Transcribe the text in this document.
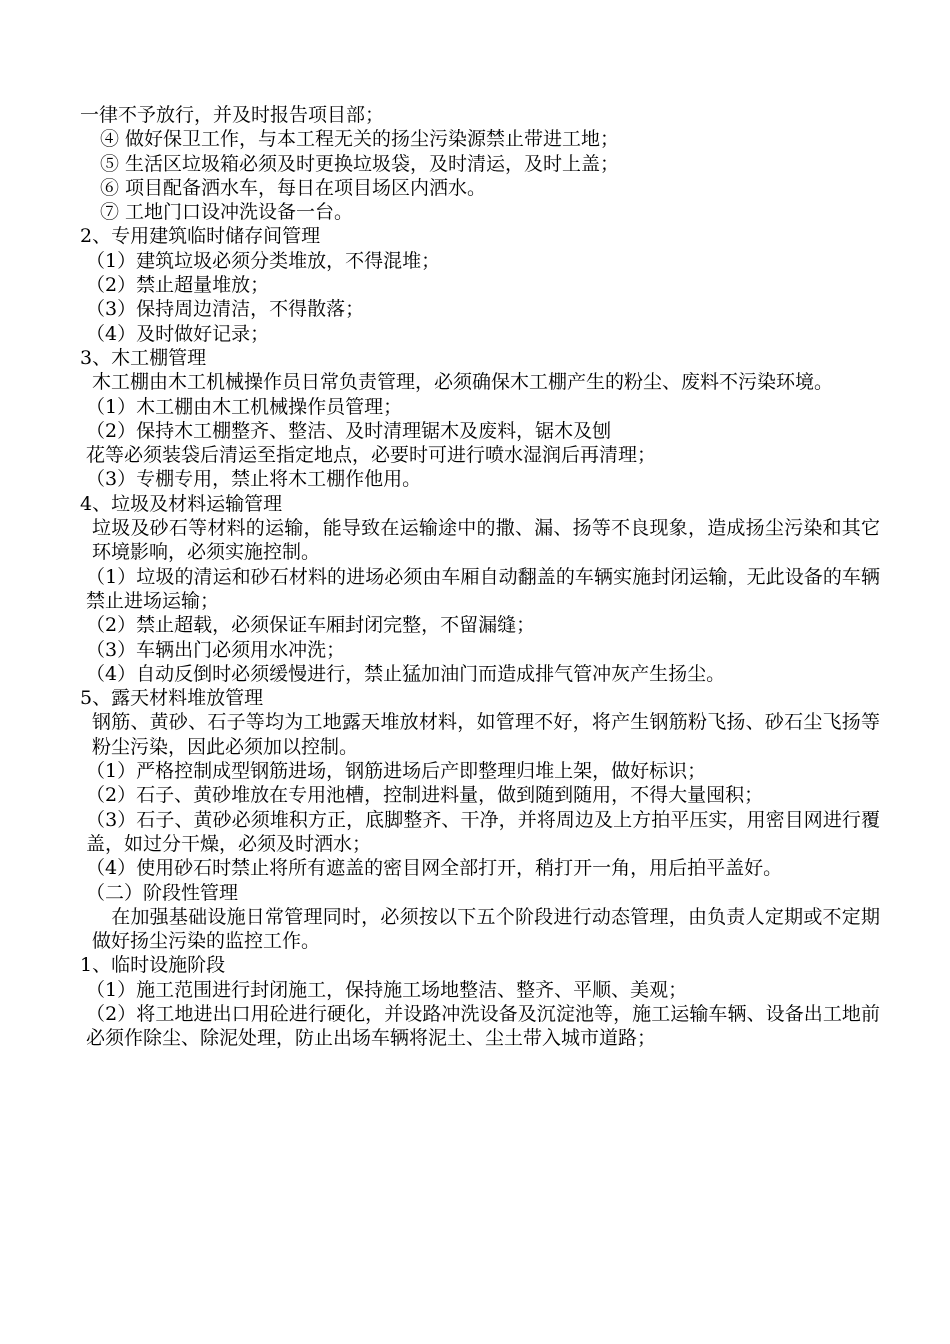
一律不予放行，并及时报告项目部；
④ 做好保卫工作，与本工程无关的扬尘污染源禁止带进工地；
⑤ 生活区垃圾箱必须及时更换垃圾袋，及时清运，及时上盖；
⑥ 项目配备洒水车，每日在项目场区内洒水。
⑦ 工地门口设冲洗设备一台。
2、专用建筑临时储存间管理
（1）建筑垃圾必须分类堆放，不得混堆；
（2）禁止超量堆放；
（3）保持周边清洁，不得散落；
（4）及时做好记录；
3、木工棚管理
木工棚由木工机械操作员日常负责管理，必须确保木工棚产生的粉尘、废料不污染环境。
（1）木工棚由木工机械操作员管理；
（2）保持木工棚整齐、整洁、及时清理锯木及废料，锯木及刨
花等必须装袋后清运至指定地点，必要时可进行喷水湿润后再清理；
（3）专棚专用，禁止将木工棚作他用。
4、垃圾及材料运输管理
垃圾及砂石等材料的运输，能导致在运输途中的撒、漏、扬等不良现象，造成扬尘污染和其它环境影响，必须实施控制。
（1）垃圾的清运和砂石材料的进场必须由车厢自动翻盖的车辆实施封闭运输，无此设备的车辆禁止进场运输；
（2）禁止超载，必须保证车厢封闭完整，不留漏缝；
（3）车辆出门必须用水冲洗；
（4）自动反倒时必须缓慢进行，禁止猛加油门而造成排气管冲灰产生扬尘。
5、露天材料堆放管理
钢筋、黄砂、石子等均为工地露天堆放材料，如管理不好，将产生钢筋粉飞扬、砂石尘飞扬等粉尘污染，因此必须加以控制。
（1）严格控制成型钢筋进场，钢筋进场后产即整理归堆上架，做好标识；
（2）石子、黄砂堆放在专用池槽，控制进料量，做到随到随用，不得大量囤积；
（3）石子、黄砂必须堆积方正，底脚整齐、干净，并将周边及上方拍平压实，用密目网进行覆盖，如过分干燥，必须及时洒水；
（4）使用砂石时禁止将所有遮盖的密目网全部打开，稍打开一角，用后拍平盖好。
（二）阶段性管理
　在加强基础设施日常管理同时，必须按以下五个阶段进行动态管理，由负责人定期或不定期做好扬尘污染的监控工作。
1、临时设施阶段
（1）施工范围进行封闭施工，保持施工场地整洁、整齐、平顺、美观；
（2）将工地进出口用砼进行硬化，并设路冲洗设备及沉淀池等，施工运输车辆、设备出工地前必须作除尘、除泥处理，防止出场车辆将泥土、尘土带入城市道路；
